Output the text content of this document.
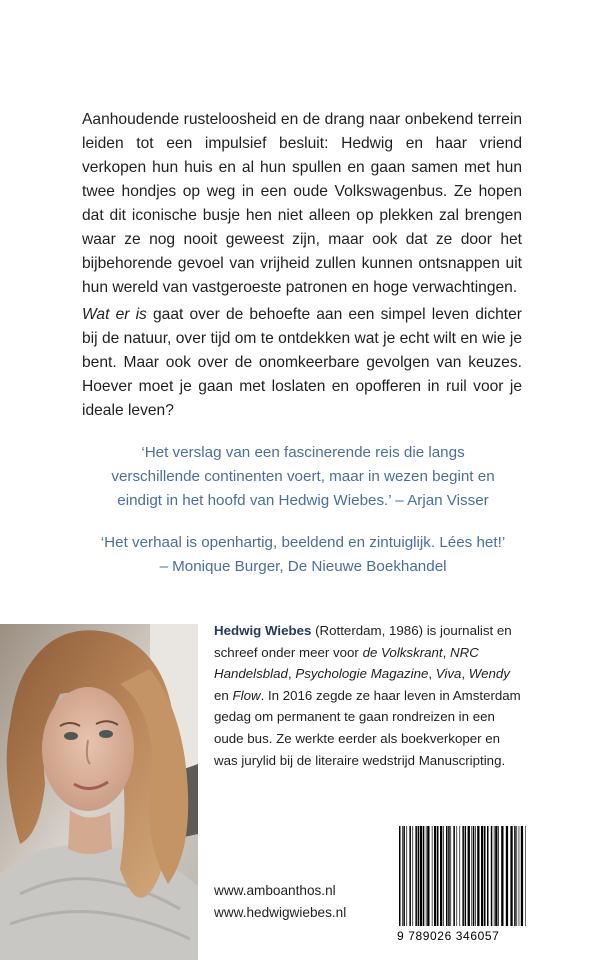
Aanhoudende rusteloosheid en de drang naar onbekend terrein leiden tot een impulsief besluit: Hedwig en haar vriend verkopen hun huis en al hun spullen en gaan samen met hun twee hondjes op weg in een oude Volkswagenbus. Ze hopen dat dit iconische busje hen niet alleen op plekken zal brengen waar ze nog nooit geweest zijn, maar ook dat ze door het bijbehorende gevoel van vrijheid zullen kunnen ontsnappen uit hun wereld van vastgeroeste patronen en hoge verwachtingen.

Wat er is gaat over de behoefte aan een simpel leven dichter bij de natuur, over tijd om te ontdekken wat je echt wilt en wie je bent. Maar ook over de onomkeerbare gevolgen van keuzes. Hoever moet je gaan met loslaten en opofferen in ruil voor je ideale leven?

‘Het verslag van een fascinerende reis die langs verschillende continenten voert, maar in wezen begint en eindigt in het hoofd van Hedwig Wiebes.’ – Arjan Visser

‘Het verhaal is openhartig, beeldend en zintuiglijk. Lées het!’ – Monique Burger, De Nieuwe Boekhandel

Hedwig Wiebes (Rotterdam, 1986) is journalist en schreef onder meer voor de Volkskrant, NRC Handelsblad, Psychologie Magazine, Viva, Wendy en Flow. In 2016 zegde ze haar leven in Amsterdam gedag om permanent te gaan rondreizen in een oude bus. Ze werkte eerder als boekverkoper en was jurylid bij de literaire wedstrijd Manuscripting.

www.amboanthos.nl
www.hedwigwiebes.nl
9 789026 346057
